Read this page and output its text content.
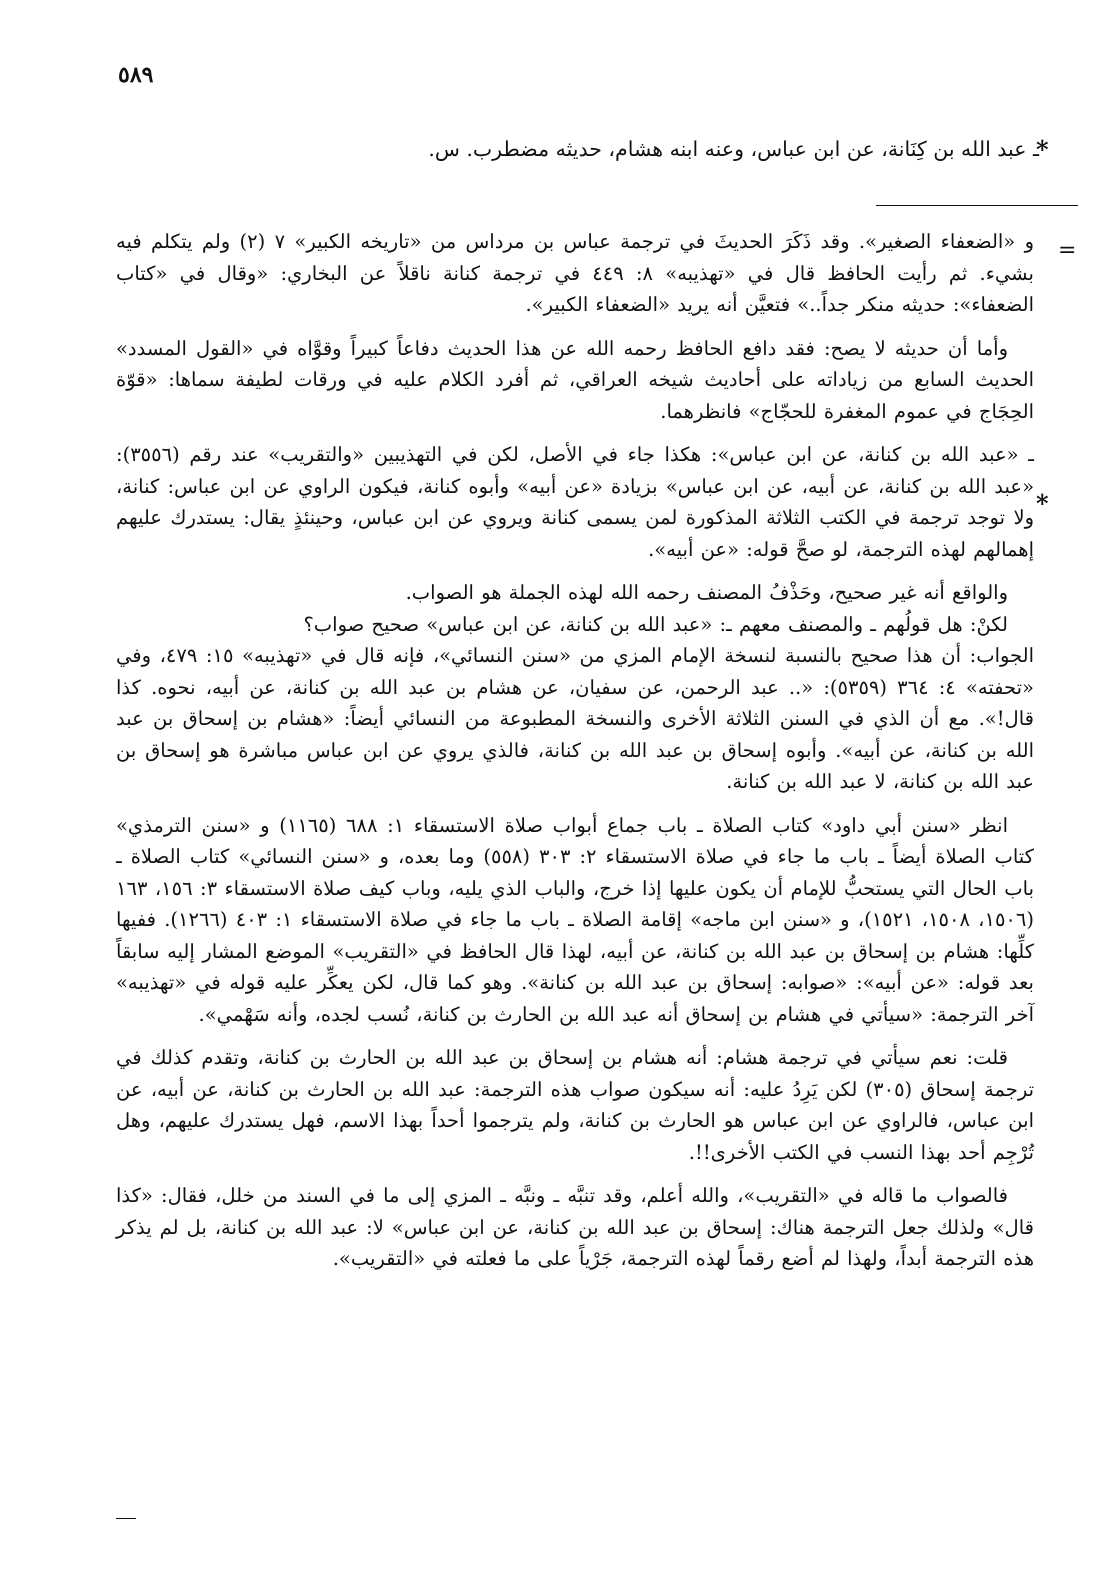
٥٨٩
*
ـ عبد الله بن كِنَانة، عن ابن عباس، وعنه ابنه هشام، حديثه مضطرب. س.
=
*

و «الضعفاء الصغير». وقد ذَكَرَ الحديثَ في ترجمة عباس بن مرداس من «تاريخه الكبير» ٧ (٢) ولم يتكلم فيه بشيء. ثم رأيت الحافظ قال في «تهذيبه» ٨: ٤٤٩ في ترجمة كنانة ناقلاً عن البخاري: «وقال في «كتاب الضعفاء»: حديثه منكر جداً..» فتعيَّن أنه يريد «الضعفاء الكبير».

وأما أن حديثه لا يصح: فقد دافع الحافظ رحمه الله عن هذا الحديث دفاعاً كبيراً وقوَّاه في «القول المسدد» الحديث السابع من زياداته على أحاديث شيخه العراقي، ثم أفرد الكلام عليه في ورقات لطيفة سماها: «قوّة الحِجَاج في عموم المغفرة للحجّاج» فانظرهما.

ـ «عبد الله بن كنانة، عن ابن عباس»: هكذا جاء في الأصل، لكن في التهذيبين «والتقريب» عند رقم (٣٥٥٦): «عبد الله بن كنانة، عن أبيه، عن ابن عباس» بزيادة «عن أبيه» وأبوه كنانة، فيكون الراوي عن ابن عباس: كنانة، ولا توجد ترجمة في الكتب الثلاثة المذكورة لمن يسمى كنانة ويروي عن ابن عباس، وحينئذٍ يقال: يستدرك عليهم إهمالهم لهذه الترجمة، لو صحَّ قوله: «عن أبيه».

والواقع أنه غير صحيح، وحَذْفُ المصنف رحمه الله لهذه الجملة هو الصواب.

لكنْ: هل قولُهم ـ والمصنف معهم ـ: «عبد الله بن كنانة، عن ابن عباس» صحيح صواب؟

الجواب: أن هذا صحيح بالنسبة لنسخة الإمام المزي من «سنن النسائي»، فإنه قال في «تهذيبه» ١٥: ٤٧٩، وفي «تحفته» ٤: ٣٦٤ (٥٣٥٩): «.. عبد الرحمن، عن سفيان، عن هشام بن عبد الله بن كنانة، عن أبيه، نحوه. كذا قال!». مع أن الذي في السنن الثلاثة الأخرى والنسخة المطبوعة من النسائي أيضاً: «هشام بن إسحاق بن عبد الله بن كنانة، عن أبيه». وأبوه إسحاق بن عبد الله بن كنانة، فالذي يروي عن ابن عباس مباشرة هو إسحاق بن عبد الله بن كنانة، لا عبد الله بن كنانة.

انظر «سنن أبي داود» كتاب الصلاة ـ باب جماع أبواب صلاة الاستسقاء ١: ٦٨٨ (١١٦٥) و «سنن الترمذي» كتاب الصلاة أيضاً ـ باب ما جاء في صلاة الاستسقاء ٢: ٣٠٣ (٥٥٨) وما بعده، و «سنن النسائي» كتاب الصلاة ـ باب الحال التي يستحبُّ للإمام أن يكون عليها إذا خرج، والباب الذي يليه، وباب كيف صلاة الاستسقاء ٣: ١٥٦، ١٦٣ (١٥٠٦، ١٥٠٨، ١٥٢١)، و «سنن ابن ماجه» إقامة الصلاة ـ باب ما جاء في صلاة الاستسقاء ١: ٤٠٣ (١٢٦٦). ففيها كلِّها: هشام بن إسحاق بن عبد الله بن كنانة، عن أبيه، لهذا قال الحافظ في «التقريب» الموضع المشار إليه سابقاً بعد قوله: «عن أبيه»: «صوابه: إسحاق بن عبد الله بن كنانة». وهو كما قال، لكن يعكِّر عليه قوله في «تهذيبه» آخر الترجمة: «سيأتي في هشام بن إسحاق أنه عبد الله بن الحارث بن كنانة، نُسب لجده، وأنه سَهْمي».

قلت: نعم سيأتي في ترجمة هشام: أنه هشام بن إسحاق بن عبد الله بن الحارث بن كنانة، وتقدم كذلك في ترجمة إسحاق (٣٠٥) لكن يَرِدُ عليه: أنه سيكون صواب هذه الترجمة: عبد الله بن الحارث بن كنانة، عن أبيه، عن ابن عباس، فالراوي عن ابن عباس هو الحارث بن كنانة، ولم يترجموا أحداً بهذا الاسم، فهل يستدرك عليهم، وهل تُرْجِم أحد بهذا النسب في الكتب الأخرى!!.

فالصواب ما قاله في «التقريب»، والله أعلم، وقد تنبَّه ـ ونبَّه ـ المزي إلى ما في السند من خلل، فقال: «كذا قال» ولذلك جعل الترجمة هناك: إسحاق بن عبد الله بن كنانة، عن ابن عباس» لا: عبد الله بن كنانة، بل لم يذكر هذه الترجمة أبداً، ولهذا لم أضع رقماً لهذه الترجمة، جَرْياً على ما فعلته في «التقريب».
